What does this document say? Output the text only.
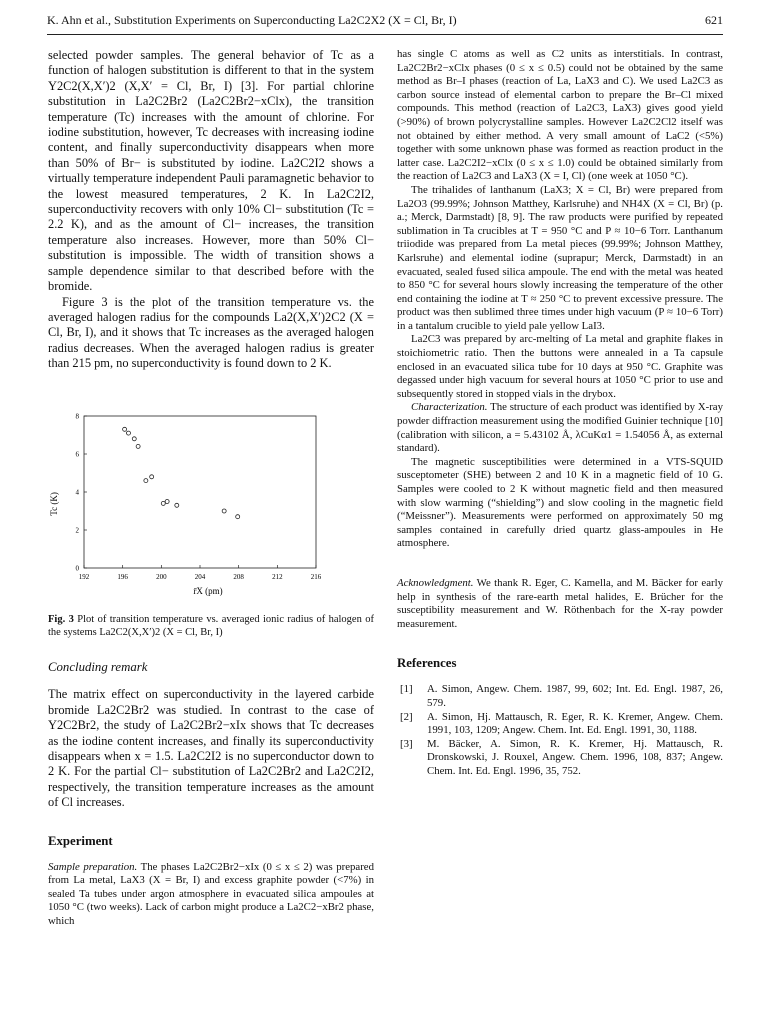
K. Ahn et al., Substitution Experiments on Superconducting La2C2X2 (X = Cl, Br, I)	621

selected powder samples. The general behavior of Tc as a function of halogen substitution is different to that in the system Y2C2(X,X′)2 (X,X′ = Cl, Br, I) [3]. For partial chlorine substitution in La2C2Br2 (La2C2Br2−xClx), the transition temperature (Tc) increases with the amount of chlorine. For iodine substitution, however, Tc decreases with increasing iodine content, and finally superconductivity disappears when more than 50% of Br− is substituted by iodine. La2C2I2 shows a virtually temperature independent Pauli paramagnetic behavior to the lowest measured temperatures, 2 K. In La2C2I2, superconductivity recovers with only 10% Cl− substitution (Tc = 2.2 K), and as the amount of Cl− increases, the transition temperature also increases. However, more than 50% Cl− substitution is impossible. The width of transition shows a sample dependence similar to that described before with the bromide.

Figure 3 is the plot of the transition temperature vs. the averaged halogen radius for the compounds La2(X,X′)2C2 (X = Cl, Br, I), and it shows that Tc increases as the averaged halogen radius decreases. When the averaged halogen radius is greater than 215 pm, no superconductivity is found down to 2 K.

192	196	200	204	208	212	216
0
2
4
6
8
Tc (K)
r̄X (pm)

Fig. 3 Plot of transition temperature vs. averaged ionic radius of halogen of the systems La2C2(X,X′)2 (X = Cl, Br, I)

Concluding remark

The matrix effect on superconductivity in the layered carbide bromide La2C2Br2 was studied. In contrast to the case of Y2C2Br2, the study of La2C2Br2−xIx shows that Tc decreases as the iodine content increases, and finally its superconductivity disappears when x = 1.5. La2C2I2 is no superconductor down to 2 K. For the partial Cl− substitution of La2C2Br2 and La2C2I2, respectively, the transition temperature increases as the amount of Cl increases.

Experiment

Sample preparation. The phases La2C2Br2−xIx (0 ≤ x ≤ 2) was prepared from La metal, LaX3 (X = Br, I) and excess graphite powder (<7%) in sealed Ta tubes under argon atmosphere in evacuated silica ampoules at 1050 °C (two weeks). Lack of carbon might produce a La2C2−xBr2 phase, which

has single C atoms as well as C2 units as interstitials. In contrast, La2C2Br2−xClx phases (0 ≤ x ≤ 0.5) could not be obtained by the same method as Br–I phases (reaction of La, LaX3 and C). We used La2C3 as carbon source instead of elemental carbon to prepare the Br–Cl mixed compounds. This method (reaction of La2C3, LaX3) gives good yield (>90%) of brown polycrystalline samples. However La2C2Cl2 itself was not obtained by either method. A very small amount of LaC2 (<5%) together with some unknown phase was formed as reaction product in the latter case. La2C2I2−xClx (0 ≤ x ≤ 1.0) could be obtained similarly from the reaction of La2C3 and LaX3 (X = I, Cl) (one week at 1050 °C).

The trihalides of lanthanum (LaX3; X = Cl, Br) were prepared from La2O3 (99.99%; Johnson Matthey, Karlsruhe) and NH4X (X = Cl, Br) (p. a.; Merck, Darmstadt) [8, 9]. The raw products were purified by repeated sublimation in Ta crucibles at T = 950 °C and P ≈ 10−6 Torr. Lanthanum triiodide was prepared from La metal pieces (99.99%; Johnson Matthey, Karlsruhe) and elemental iodine (suprapur; Merck, Darmstadt) in an evacuated, sealed fused silica ampoule. The end with the metal was heated to 850 °C for several hours slowly increasing the temperature of the other end containing the iodine at T ≈ 250 °C to prevent excessive pressure. The product was then sublimed three times under high vacuum (P ≈ 10−6 Torr) in a tantalum crucible to yield pale yellow LaI3.

La2C3 was prepared by arc-melting of La metal and graphite flakes in stoichiometric ratio. Then the buttons were annealed in a Ta capsule enclosed in an evacuated silica tube for 10 days at 950 °C. Graphite was degassed under high vacuum for several hours at 1050 °C prior to use and subsequently stored in stopped vials in the drybox.

Characterization. The structure of each product was identified by X-ray powder diffraction measurement using the modified Guinier technique [10] (calibration with silicon, a = 5.43102 Å, λCuKα1 = 1.54056 Å, as external standard).

The magnetic susceptibilities were determined in a VTS-SQUID susceptometer (SHE) between 2 and 10 K in a magnetic field of 10 G. Samples were cooled to 2 K without magnetic field and then measured with slow warming (“shielding”) and slow cooling in the magnetic field (“Meissner”). Measurements were performed on approximately 50 mg samples contained in carefully dried quartz glass-ampoules in He atmosphere.

Acknowledgment. We thank R. Eger, C. Kamella, and M. Bäcker for early help in synthesis of the rare-earth metal halides, E. Brücher for the susceptibility measurement and W. Röthenbach for the X-ray powder measurement.

References

[1] A. Simon, Angew. Chem. 1987, 99, 602; Int. Ed. Engl. 1987, 26, 579.
[2] A. Simon, Hj. Mattausch, R. Eger, R. K. Kremer, Angew. Chem. 1991, 103, 1209; Angew. Chem. Int. Ed. Engl. 1991, 30, 1188.
[3] M. Bäcker, A. Simon, R. K. Kremer, Hj. Mattausch, R. Dronskowski, J. Rouxel, Angew. Chem. 1996, 108, 837; Angew. Chem. Int. Ed. Engl. 1996, 35, 752.
